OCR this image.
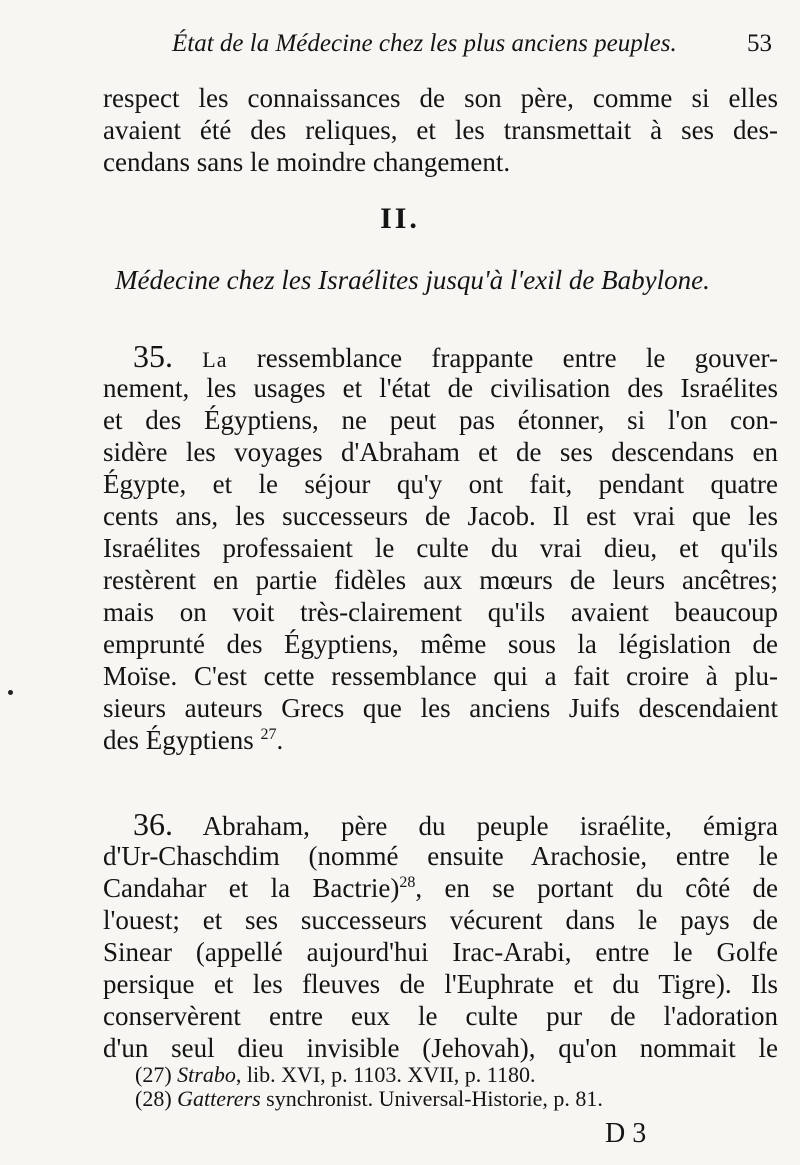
État de la Médecine chez les plus anciens peuples.	53
respect les connaissances de son père, comme si elles
avaient été des reliques, et les transmettait à ses des-
cendans sans le moindre changement.
II.
Médecine chez les Israélites jusqu'à l'exil de Babylone.
35. La ressemblance frappante entre le gouver-
nement, les usages et l'état de civilisation des Israélites
et des Égyptiens, ne peut pas étonner, si l'on con-
sidère les voyages d'Abraham et de ses descendans en
Égypte, et le séjour qu'y ont fait, pendant quatre
cents ans, les successeurs de Jacob. Il est vrai que les
Israélites professaient le culte du vrai dieu, et qu'ils
restèrent en partie fidèles aux mœurs de leurs ancêtres;
mais on voit très-clairement qu'ils avaient beaucoup
emprunté des Égyptiens, même sous la législation de
Moïse. C'est cette ressemblance qui a fait croire à plu-
sieurs auteurs Grecs que les anciens Juifs descendaient
des Égyptiens $^{27}$.
36. Abraham, père du peuple israélite, émigra
d'Ur-Chaschdim (nommé ensuite Arachosie, entre le
Candahar et la Bactrie)$^{28}$, en se portant du côté de
l'ouest; et ses successeurs vécurent dans le pays de
Sinear (appellé aujourd'hui Irac-Arabi, entre le Golfe
persique et les fleuves de l'Euphrate et du Tigre). Ils
conservèrent entre eux le culte pur de l'adoration
d'un seul dieu invisible (Jehovah), qu'on nommait le
(27) Strabo, lib. XVI, p. 1103. XVII, p. 1180.
(28) Gatterers synchronist. Universal-Historie, p. 81.
D 3
